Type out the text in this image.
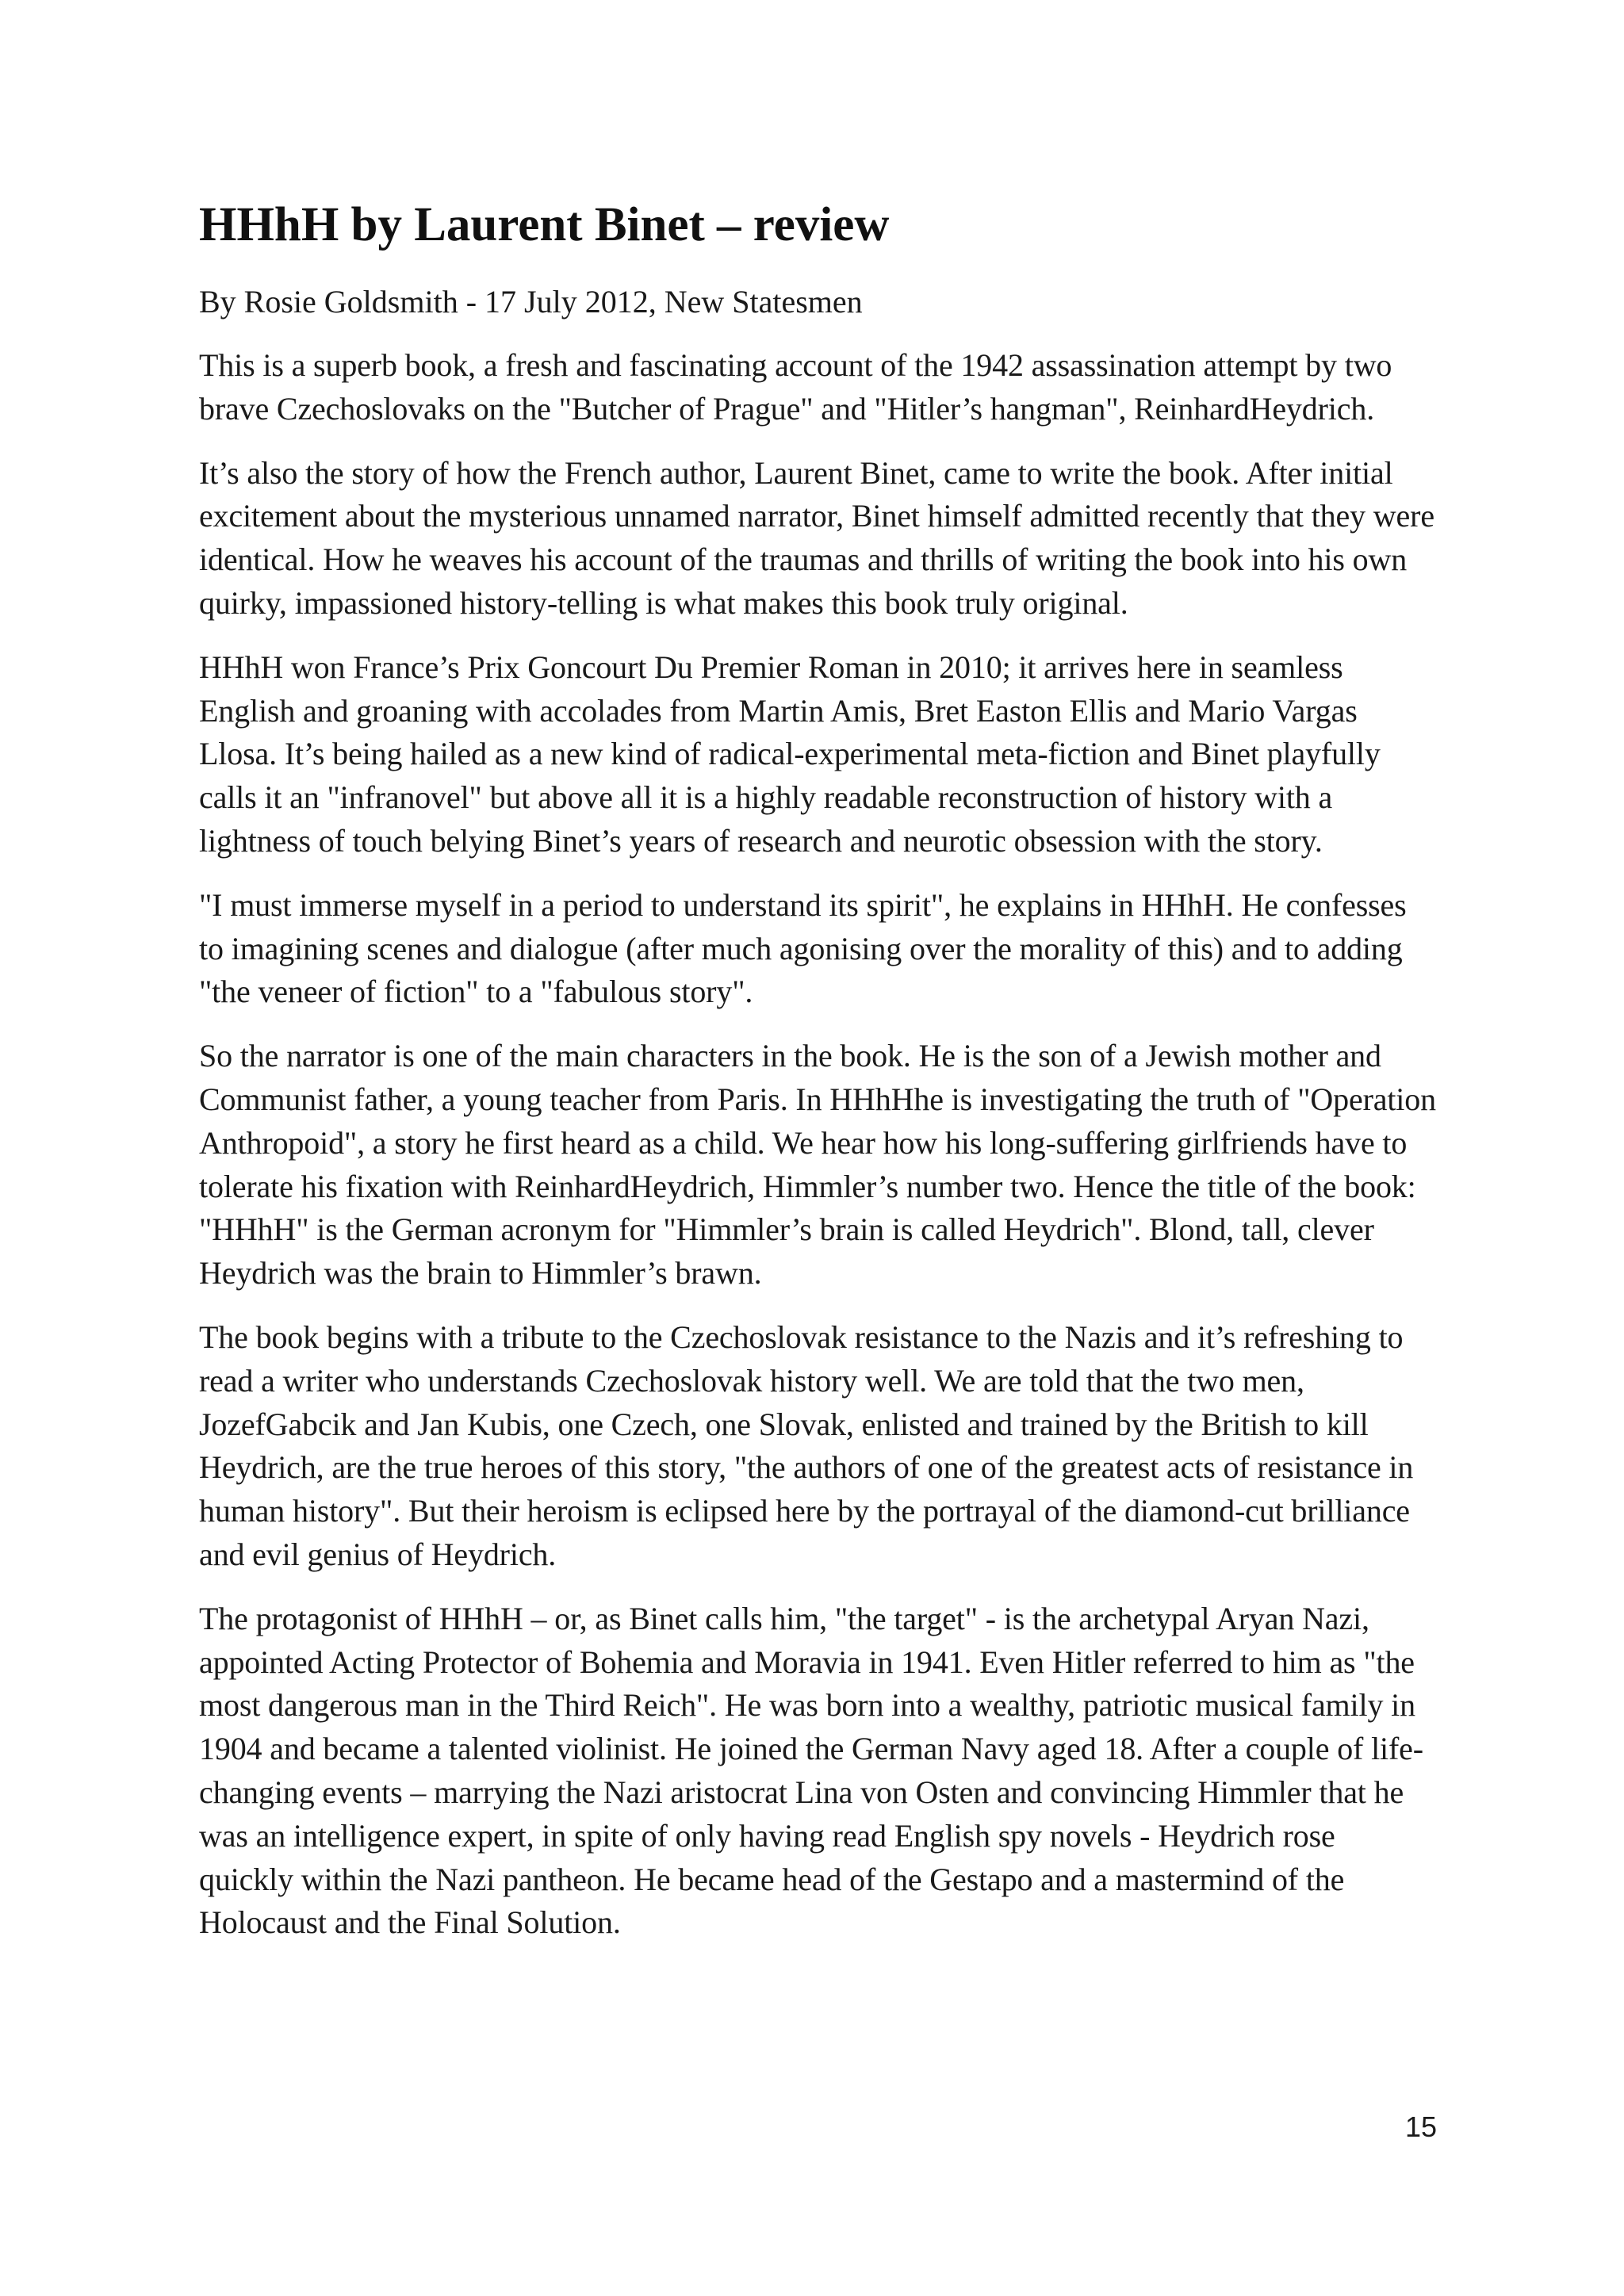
HHhH by Laurent Binet – review

By Rosie Goldsmith - 17 July 2012, New Statesmen

This is a superb book, a fresh and fascinating account of the 1942 assassination attempt by two brave Czechoslovaks on the "Butcher of Prague" and "Hitler’s hangman", ReinhardHeydrich.

It’s also the story of how the French author, Laurent Binet, came to write the book. After initial excitement about the mysterious unnamed narrator, Binet himself admitted recently that they were identical. How he weaves his account of the traumas and thrills of writing the book into his own quirky, impassioned history-telling is what makes this book truly original.

HHhH won France’s Prix Goncourt Du Premier Roman in 2010; it arrives here in seamless English and groaning with accolades from Martin Amis, Bret Easton Ellis and Mario Vargas Llosa. It’s being hailed as a new kind of radical-experimental meta-fiction and Binet playfully calls it an "infranovel" but above all it is a highly readable reconstruction of history with a lightness of touch belying Binet’s years of research and neurotic obsession with the story.

"I must immerse myself in a period to understand its spirit", he explains in HHhH. He confesses to imagining scenes and dialogue (after much agonising over the morality of this) and to adding "the veneer of fiction" to a "fabulous story".

So the narrator is one of the main characters in the book. He is the son of a Jewish mother and Communist father, a young teacher from Paris. In HHhHhe is investigating the truth of "Operation Anthropoid", a story he first heard as a child. We hear how his long-suffering girlfriends have to tolerate his fixation with ReinhardHeydrich, Himmler’s number two. Hence the title of the book: "HHhH" is the German acronym for "Himmler’s brain is called Heydrich". Blond, tall, clever Heydrich was the brain to Himmler’s brawn.

The book begins with a tribute to the Czechoslovak resistance to the Nazis and it’s refreshing to read a writer who understands Czechoslovak history well. We are told that the two men, JozefGabcik and Jan Kubis, one Czech, one Slovak, enlisted and trained by the British to kill Heydrich, are the true heroes of this story, "the authors of one of the greatest acts of resistance in human history". But their heroism is eclipsed here by the portrayal of the diamond-cut brilliance and evil genius of Heydrich.

The protagonist of HHhH – or, as Binet calls him, "the target" - is the archetypal Aryan Nazi, appointed Acting Protector of Bohemia and Moravia in 1941. Even Hitler referred to him as "the most dangerous man in the Third Reich". He was born into a wealthy, patriotic musical family in 1904 and became a talented violinist. He joined the German Navy aged 18. After a couple of life-changing events – marrying the Nazi aristocrat Lina von Osten and convincing Himmler that he was an intelligence expert, in spite of only having read English spy novels - Heydrich rose quickly within the Nazi pantheon. He became head of the Gestapo and a mastermind of the Holocaust and the Final Solution.

15
